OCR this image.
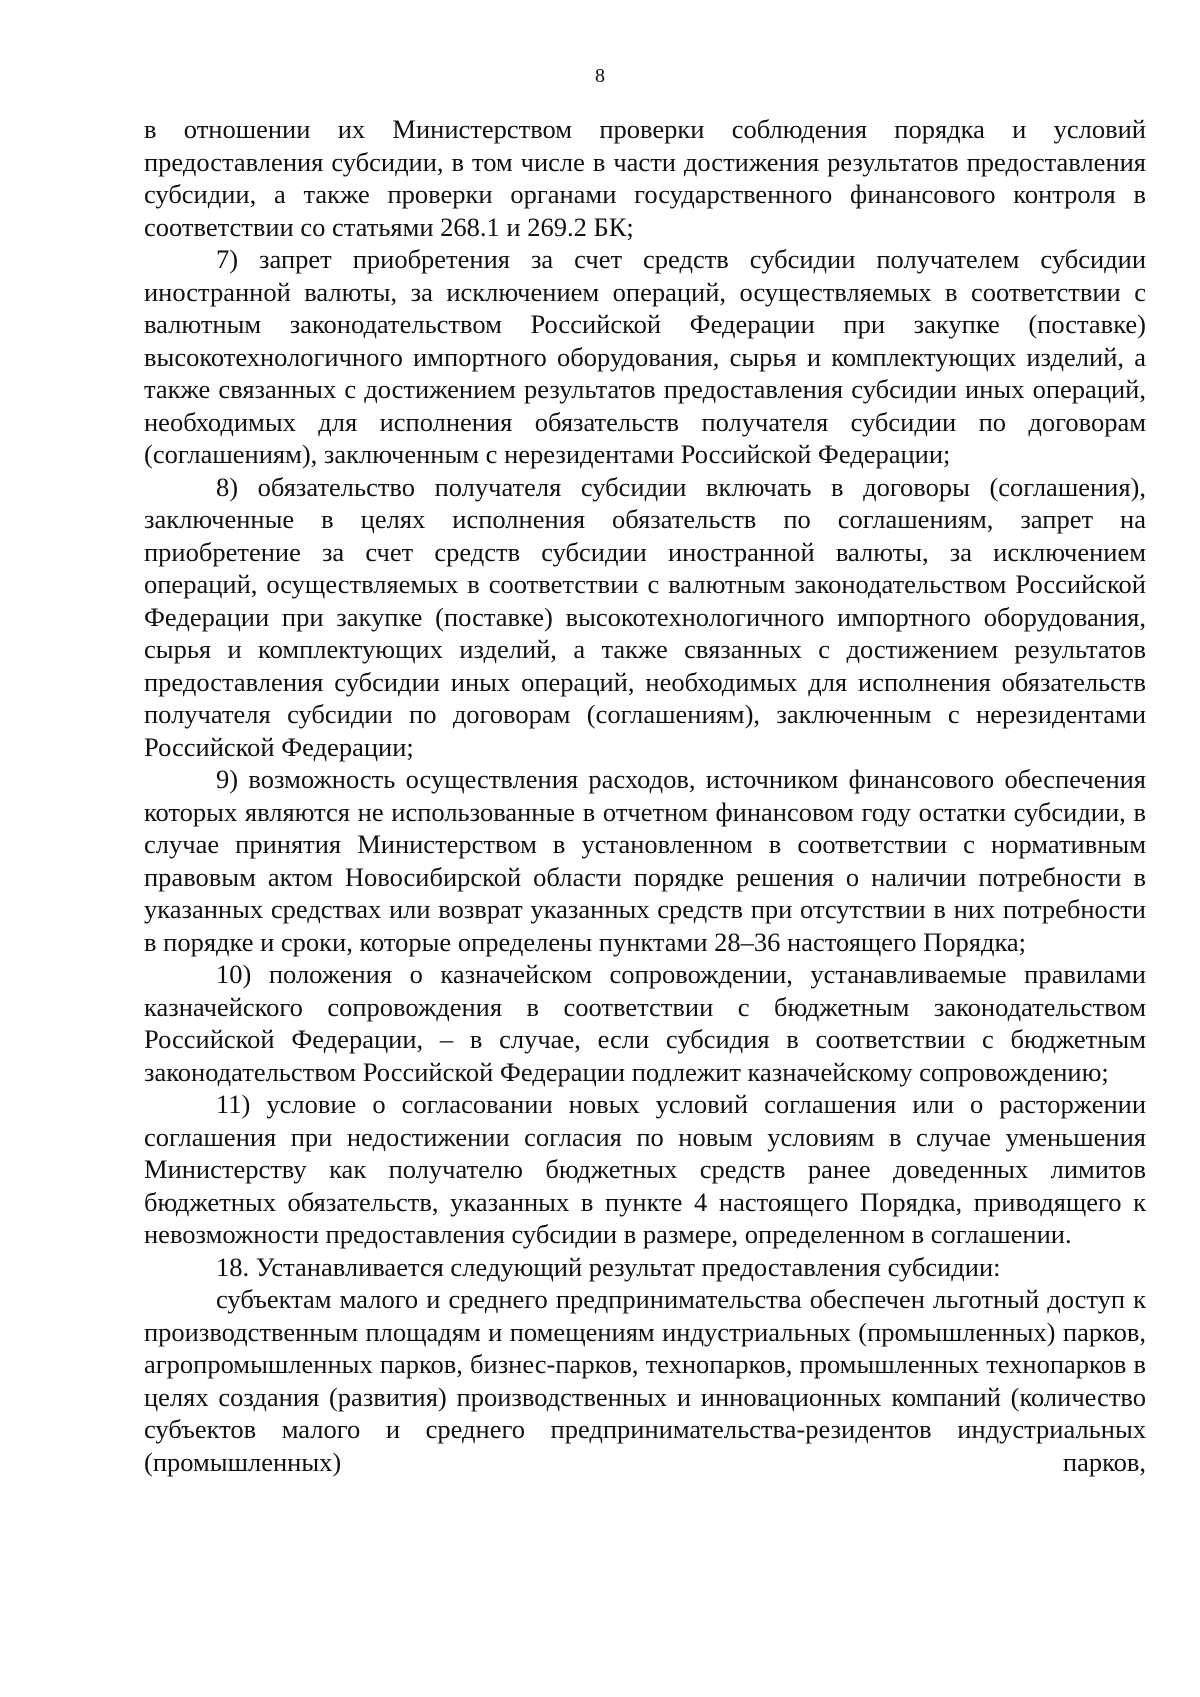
8

в отношении их Министерством проверки соблюдения порядка и условий предоставления субсидии, в том числе в части достижения результатов предоставления субсидии, а также проверки органами государственного финансового контроля в соответствии со статьями 268.1 и 269.2 БК;

7) запрет приобретения за счет средств субсидии получателем субсидии иностранной валюты, за исключением операций, осуществляемых в соответствии с валютным законодательством Российской Федерации при закупке (поставке) высокотехнологичного импортного оборудования, сырья и комплектующих изделий, а также связанных с достижением результатов предоставления субсидии иных операций, необходимых для исполнения обязательств получателя субсидии по договорам (соглашениям), заключенным с нерезидентами Российской Федерации;

8) обязательство получателя субсидии включать в договоры (соглашения), заключенные в целях исполнения обязательств по соглашениям, запрет на приобретение за счет средств субсидии иностранной валюты, за исключением операций, осуществляемых в соответствии с валютным законодательством Российской Федерации при закупке (поставке) высокотехнологичного импортного оборудования, сырья и комплектующих изделий, а также связанных с достижением результатов предоставления субсидии иных операций, необходимых для исполнения обязательств получателя субсидии по договорам (соглашениям), заключенным с нерезидентами Российской Федерации;

9) возможность осуществления расходов, источником финансового обеспечения которых являются не использованные в отчетном финансовом году остатки субсидии, в случае принятия Министерством в установленном в соответствии с нормативным правовым актом Новосибирской области порядке решения о наличии потребности в указанных средствах или возврат указанных средств при отсутствии в них потребности в порядке и сроки, которые определены пунктами 28–36 настоящего Порядка;

10) положения о казначейском сопровождении, устанавливаемые правилами казначейского сопровождения в соответствии с бюджетным законодательством Российской Федерации, – в случае, если субсидия в соответствии с бюджетным законодательством Российской Федерации подлежит казначейскому сопровождению;

11) условие о согласовании новых условий соглашения или о расторжении соглашения при недостижении согласия по новым условиям в случае уменьшения Министерству как получателю бюджетных средств ранее доведенных лимитов бюджетных обязательств, указанных в пункте 4 настоящего Порядка, приводящего к невозможности предоставления субсидии в размере, определенном в соглашении.

18. Устанавливается следующий результат предоставления субсидии:

субъектам малого и среднего предпринимательства обеспечен льготный доступ к производственным площадям и помещениям индустриальных (промышленных) парков, агропромышленных парков, бизнес-парков, технопарков, промышленных технопарков в целях создания (развития) производственных и инновационных компаний (количество субъектов малого и среднего предпринимательства-резидентов индустриальных (промышленных) парков,
